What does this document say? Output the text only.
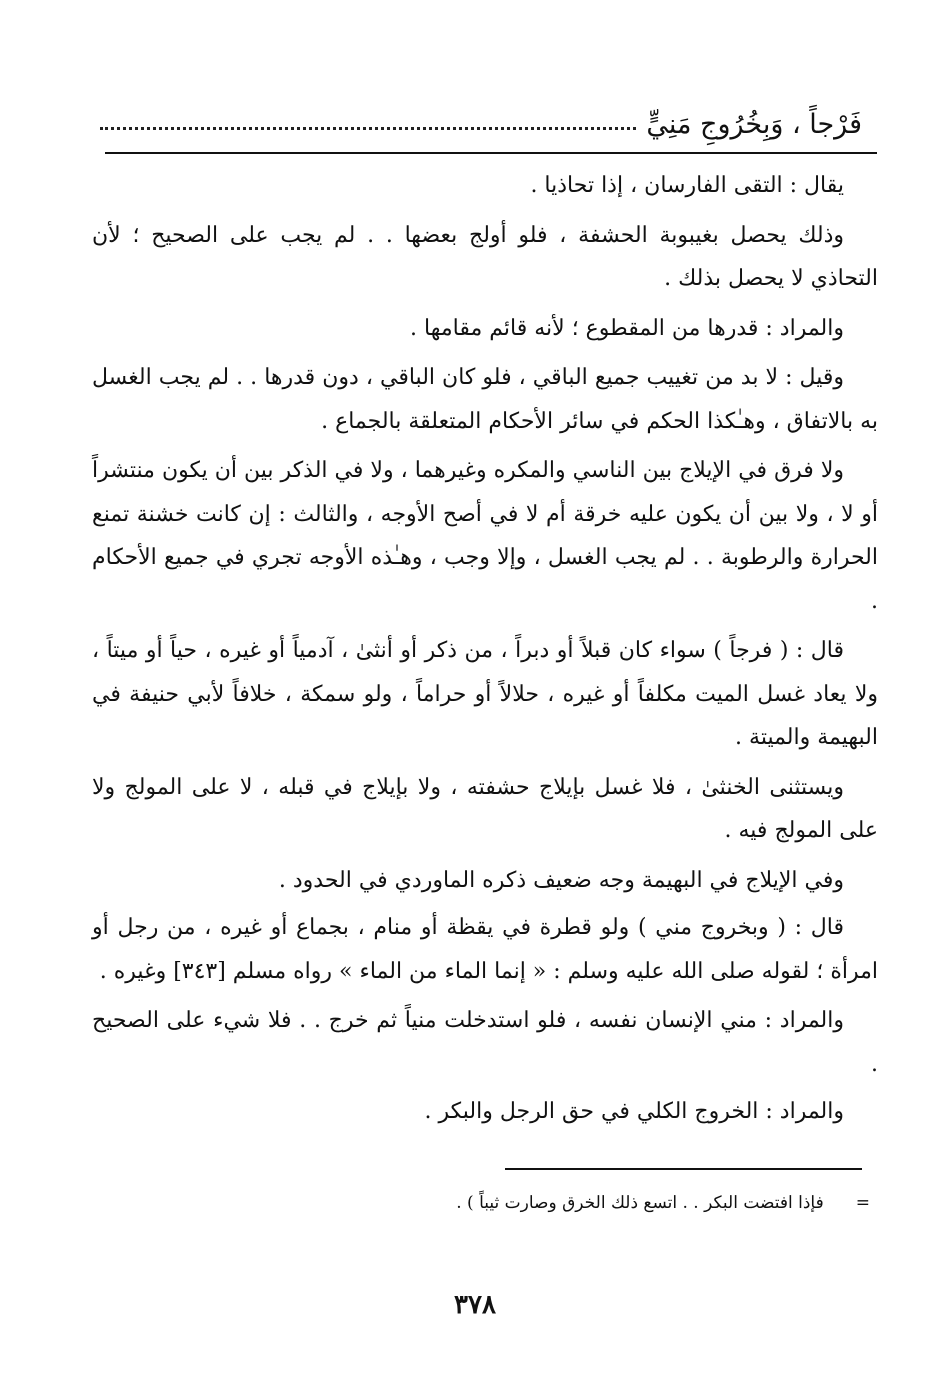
فَرْجاً ، وَبِخُرُوجِ مَنِيٍّ

يقال : التقى الفارسان ، إذا تحاذيا .

وذلك يحصل بغيبوبة الحشفة ، فلو أولج بعضها . . لم يجب على الصحيح ؛ لأن التحاذي لا يحصل بذلك .

والمراد : قدرها من المقطوع ؛ لأنه قائم مقامها .

وقيل : لا بد من تغييب جميع الباقي ، فلو كان الباقي ، دون قدرها . . لم يجب الغسل به بالاتفاق ، وهـٰكذا الحكم في سائر الأحكام المتعلقة بالجماع .

ولا فرق في الإيلاج بين الناسي والمكره وغيرهما ، ولا في الذكر بين أن يكون منتشراً أو لا ، ولا بين أن يكون عليه خرقة أم لا في أصح الأوجه ، والثالث : إن كانت خشنة تمنع الحرارة والرطوبة . . لم يجب الغسل ، وإلا وجب ، وهـٰذه الأوجه تجري في جميع الأحكام .

قال : ( فرجاً ) سواء كان قبلاً أو دبراً ، من ذكر أو أنثىٰ ، آدمياً أو غيره ، حياً أو ميتاً ، ولا يعاد غسل الميت مكلفاً أو غيره ، حلالاً أو حراماً ، ولو سمكة ، خلافاً لأبي حنيفة في البهيمة والميتة .

ويستثنى الخنثىٰ ، فلا غسل بإيلاج حشفته ، ولا بإيلاج في قبله ، لا على المولج ولا على المولج فيه .

وفي الإيلاج في البهيمة وجه ضعيف ذكره الماوردي في الحدود .

قال : ( وبخروج مني ) ولو قطرة في يقظة أو منام ، بجماع أو غيره ، من رجل أو امرأة ؛ لقوله صلى الله عليه وسلم : « إنما الماء من الماء » رواه مسلم [٣٤٣] وغيره .

والمراد : مني الإنسان نفسه ، فلو استدخلت منياً ثم خرج . . فلا شيء على الصحيح .

والمراد : الخروج الكلي في حق الرجل والبكر .

=
فإذا افتضت البكر . . اتسع ذلك الخرق وصارت ثيباً ) .
٣٧٨
